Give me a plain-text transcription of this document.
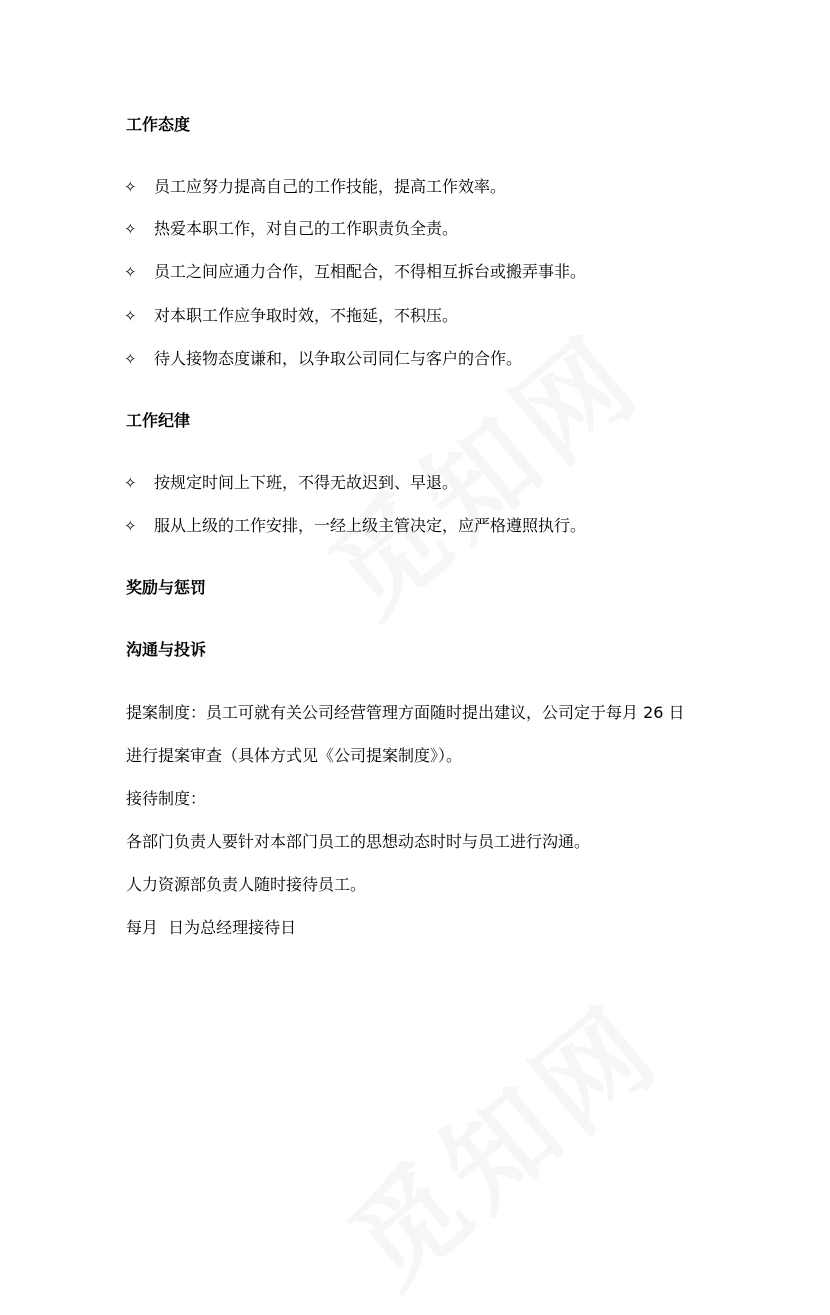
工作态度
✧ 员工应努力提高自己的工作技能，提高工作效率。
✧ 热爱本职工作，对自己的工作职责负全责。
✧ 员工之间应通力合作，互相配合，不得相互拆台或搬弄事非。
✧ 对本职工作应争取时效，不拖延，不积压。
✧ 待人接物态度谦和，以争取公司同仁与客户的合作。
工作纪律
✧ 按规定时间上下班，不得无故迟到、早退。
✧ 服从上级的工作安排，一经上级主管决定，应严格遵照执行。
奖励与惩罚
沟通与投诉
提案制度：员工可就有关公司经营管理方面随时提出建议，公司定于每月 26 日
进行提案审查（具体方式见《公司提案制度》）。
接待制度：
各部门负责人要针对本部门员工的思想动态时时与员工进行沟通。
人力资源部负责人随时接待员工。
每月  日为总经理接待日
